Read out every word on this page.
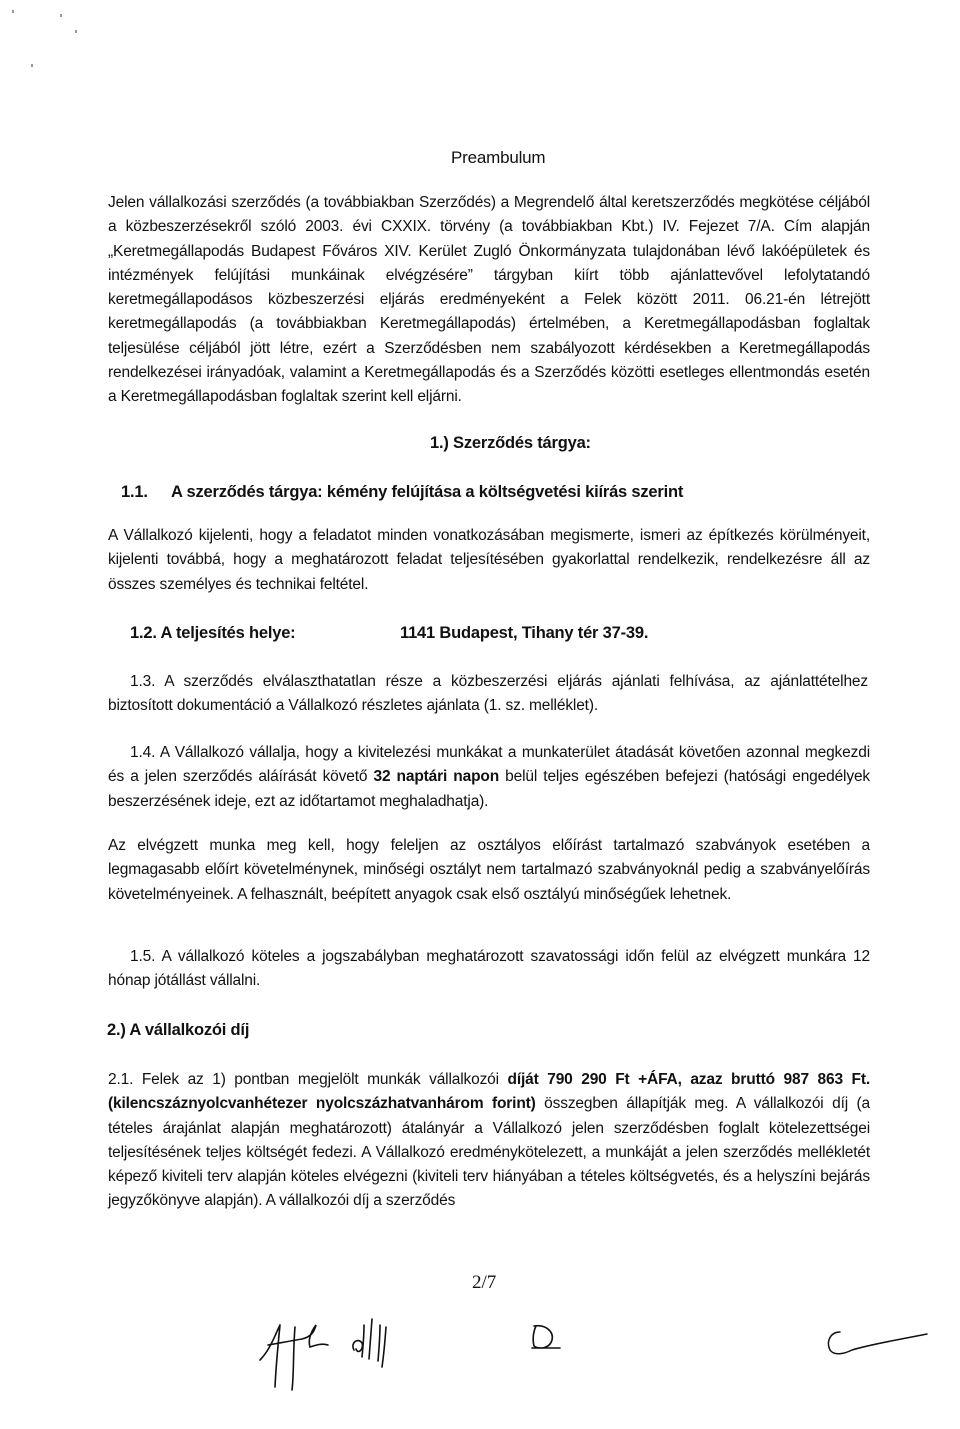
Preambulum
Jelen vállalkozási szerződés (a továbbiakban Szerződés) a Megrendelő által keretszerződés megkötése céljából a közbeszerzésekről szóló 2003. évi CXXIX. törvény (a továbbiakban Kbt.) IV. Fejezet 7/A. Cím alapján „Keretmegállapodás Budapest Főváros XIV. Kerület Zugló Önkormányzata tulajdonában lévő lakóépületek és intézmények felújítási munkáinak elvégzésére” tárgyban kiírt több ajánlattevővel lefolytatandó keretmegállapodásos közbeszerzési eljárás eredményeként a Felek között 2011. 06.21-én létrejött keretmegállapodás (a továbbiakban Keretmegállapodás) értelmében, a Keretmegállapodásban foglaltak teljesülése céljából jött létre, ezért a Szerződésben nem szabályozott kérdésekben a Keretmegállapodás rendelkezései irányadóak, valamint a Keretmegállapodás és a Szerződés közötti esetleges ellentmondás esetén a Keretmegállapodásban foglaltak szerint kell eljárni.
1.) Szerződés tárgya:
1.1. A szerződés tárgya: kémény felújítása a költségvetési kiírás szerint
A Vállalkozó kijelenti, hogy a feladatot minden vonatkozásában megismerte, ismeri az építkezés körülményeit, kijelenti továbbá, hogy a meghatározott feladat teljesítésében gyakorlattal rendelkezik, rendelkezésre áll az összes személyes és technikai feltétel.
1.2. A teljesítés helye:	1141 Budapest, Tihany tér 37-39.
1.3. A szerződés elválaszthatatlan része a közbeszerzési eljárás ajánlati felhívása, az ajánlattételhez biztosított dokumentáció a Vállalkozó részletes ajánlata (1. sz. melléklet).
1.4. A Vállalkozó vállalja, hogy a kivitelezési munkákat a munkaterület átadását követően azonnal megkezdi és a jelen szerződés aláírását követő 32 naptári napon belül teljes egészében befejezi (hatósági engedélyek beszerzésének ideje, ezt az időtartamot meghaladhatja).
Az elvégzett munka meg kell, hogy feleljen az osztályos előírást tartalmazó szabványok esetében a legmagasabb előírt követelménynek, minőségi osztályt nem tartalmazó szabványoknál pedig a szabványelőírás követelményeinek. A felhasznált, beépített anyagok csak első osztályú minőségűek lehetnek.
1.5. A vállalkozó köteles a jogszabályban meghatározott szavatossági időn felül az elvégzett munkára 12 hónap jótállást vállalni.
2.) A vállalkozói díj
2.1. Felek az 1) pontban megjelölt munkák vállalkozói díját 790 290 Ft +ÁFA, azaz bruttó 987 863 Ft. (kilencszáznyolcvanhétezer nyolcszázhatvanhárom forint) összegben állapítják meg. A vállalkozói díj (a tételes árajánlat alapján meghatározott) átalányár a Vállalkozó jelen szerződésben foglalt kötelezettségei teljesítésének teljes költségét fedezi. A Vállalkozó eredménykötelezett, a munkáját a jelen szerződés mellékletét képező kiviteli terv alapján köteles elvégezni (kiviteli terv hiányában a tételes költségvetés, és a helyszíni bejárás jegyzőkönyve alapján). A vállalkozói díj a szerződés
2/7
